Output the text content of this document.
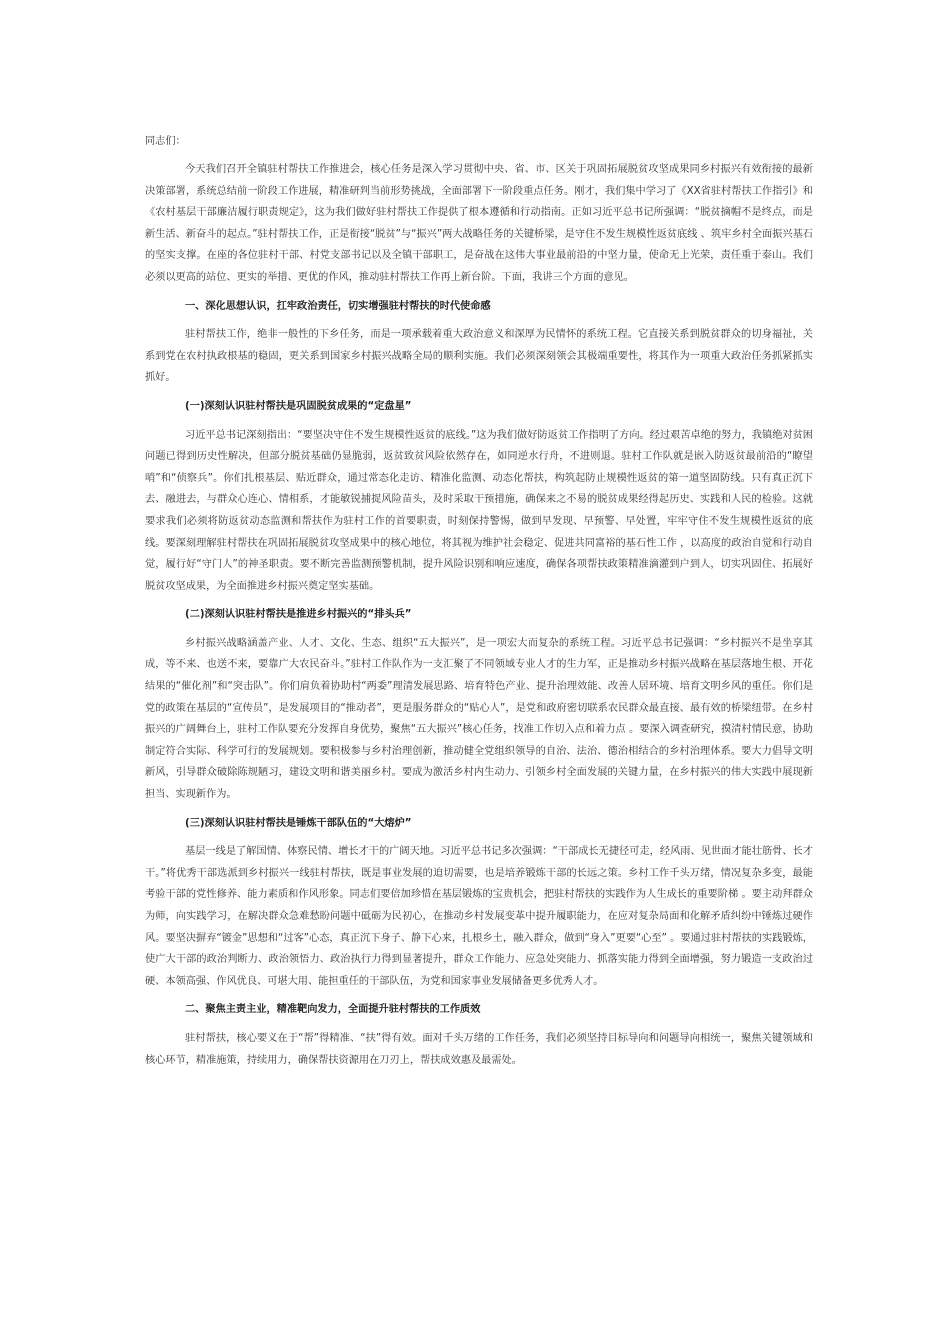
同志们：

今天我们召开全镇驻村帮扶工作推进会，核心任务是深入学习贯彻中央、省、市、区关于巩固拓展脱贫攻坚成果同乡村振兴有效衔接的最新决策部署，系统总结前一阶段工作进展，精准研判当前形势挑战，全面部署下一阶段重点任务。刚才，我们集中学习了《XX省驻村帮扶工作指引》和《农村基层干部廉洁履行职责规定》，这为我们做好驻村帮扶工作提供了根本遵循和行动指南。正如习近平总书记所强调：“脱贫摘帽不是终点，而是新生活、新奋斗的起点。”驻村帮扶工作，正是衔接“脱贫”与“振兴”两大战略任务的关键桥梁，是守住不发生规模性返贫底线 、筑牢乡村全面振兴基石的坚实支撑。在座的各位驻村干部、村党支部书记以及全镇干部职工，是奋战在这伟大事业最前沿的中坚力量，使命无上光荣，责任重于泰山。我们必须以更高的站位、更实的举措、更优的作风，推动驻村帮扶工作再上新台阶。下面，我讲三个方面的意见。

一、深化思想认识，扛牢政治责任，切实增强驻村帮扶的时代使命感

驻村帮扶工作，绝非一般性的下乡任务，而是一项承载着重大政治意义和深厚为民情怀的系统工程。它直接关系到脱贫群众的切身福祉，关系到党在农村执政根基的稳固，更关系到国家乡村振兴战略全局的顺利实施。我们必须深刻领会其极端重要性，将其作为一项重大政治任务抓紧抓实抓好。

(一)深刻认识驻村帮扶是巩固脱贫成果的“定盘星”

习近平总书记深刻指出：“要坚决守住不发生规模性返贫的底线。”这为我们做好防返贫工作指明了方向。经过艰苦卓绝的努力，我镇绝对贫困问题已得到历史性解决，但部分脱贫基础仍显脆弱，返贫致贫风险依然存在，如同逆水行舟，不进则退。驻村工作队就是嵌入防返贫最前沿的“瞭望哨”和“侦察兵”。你们扎根基层、贴近群众，通过常态化走访、精准化监测、动态化帮扶，构筑起防止规模性返贫的第一道坚固防线。只有真正沉下去、融进去，与群众心连心、情相系，才能敏锐捕捉风险苗头，及时采取干预措施，确保来之不易的脱贫成果经得起历史、实践和人民的检验。这就要求我们必须将防返贫动态监测和帮扶作为驻村工作的首要职责，时刻保持警惕，做到早发现、早预警、早处置，牢牢守住不发生规模性返贫的底线。要深刻理解驻村帮扶在巩固拓展脱贫攻坚成果中的核心地位，将其视为维护社会稳定、促进共同富裕的基石性工作 ，以高度的政治自觉和行动自觉，履行好“守门人”的神圣职责。要不断完善监测预警机制，提升风险识别和响应速度，确保各项帮扶政策精准滴灌到户到人，切实巩固住、拓展好脱贫攻坚成果，为全面推进乡村振兴奠定坚实基础。

(二)深刻认识驻村帮扶是推进乡村振兴的“排头兵”

乡村振兴战略涵盖产业、人才、文化、生态、组织“五大振兴”，是一项宏大而复杂的系统工程。习近平总书记强调：“乡村振兴不是坐享其成，等不来、也送不来，要靠广大农民奋斗。”驻村工作队作为一支汇聚了不同领域专业人才的生力军，正是推动乡村振兴战略在基层落地生根、开花结果的“催化剂”和“突击队”。你们肩负着协助村“两委”理清发展思路、培育特色产业、提升治理效能、改善人居环境、培育文明乡风的重任。你们是党的政策在基层的“宣传员”，是发展项目的“推动者”，更是服务群众的“贴心人”，是党和政府密切联系农民群众最直接、最有效的桥梁纽带。在乡村振兴的广阔舞台上，驻村工作队要充分发挥自身优势，聚焦“五大振兴”核心任务，找准工作切入点和着力点 。要深入调查研究，摸清村情民意，协助制定符合实际、科学可行的发展规划。要积极参与乡村治理创新，推动健全党组织领导的自治、法治、德治相结合的乡村治理体系。要大力倡导文明新风，引导群众破除陈规陋习，建设文明和谐美丽乡村。要成为激活乡村内生动力、引领乡村全面发展的关键力量，在乡村振兴的伟大实践中展现新担当、实现新作为。

(三)深刻认识驻村帮扶是锤炼干部队伍的“大熔炉”

基层一线是了解国情、体察民情、增长才干的广阔天地。习近平总书记多次强调：“干部成长无捷径可走，经风雨、见世面才能壮筋骨、长才干。”将优秀干部选派到乡村振兴一线驻村帮扶，既是事业发展的迫切需要，也是培养锻炼干部的长远之策。乡村工作千头万绪，情况复杂多变，最能考验干部的党性修养、能力素质和作风形象。同志们要倍加珍惜在基层锻炼的宝贵机会，把驻村帮扶的实践作为人生成长的重要阶梯 。要主动拜群众为师，向实践学习，在解决群众急难愁盼问题中砥砺为民初心，在推动乡村发展变革中提升履职能力，在应对复杂局面和化解矛盾纠纷中锤炼过硬作风。要坚决摒弃“镀金”思想和“过客”心态，真正沉下身子、静下心来，扎根乡土，融入群众，做到“身入”更要“心至” 。要通过驻村帮扶的实践锻炼，使广大干部的政治判断力、政治领悟力、政治执行力得到显著提升，群众工作能力、应急处突能力、抓落实能力得到全面增强，努力锻造一支政治过硬、本领高强、作风优良、可堪大用、能担重任的干部队伍，为党和国家事业发展储备更多优秀人才。

二、聚焦主责主业，精准靶向发力，全面提升驻村帮扶的工作质效

驻村帮扶，核心要义在于“帮”得精准、“扶”得有效。面对千头万绪的工作任务，我们必须坚持目标导向和问题导向相统一，聚焦关键领域和核心环节，精准施策，持续用力，确保帮扶资源用在刀刃上，帮扶成效惠及最需处。
